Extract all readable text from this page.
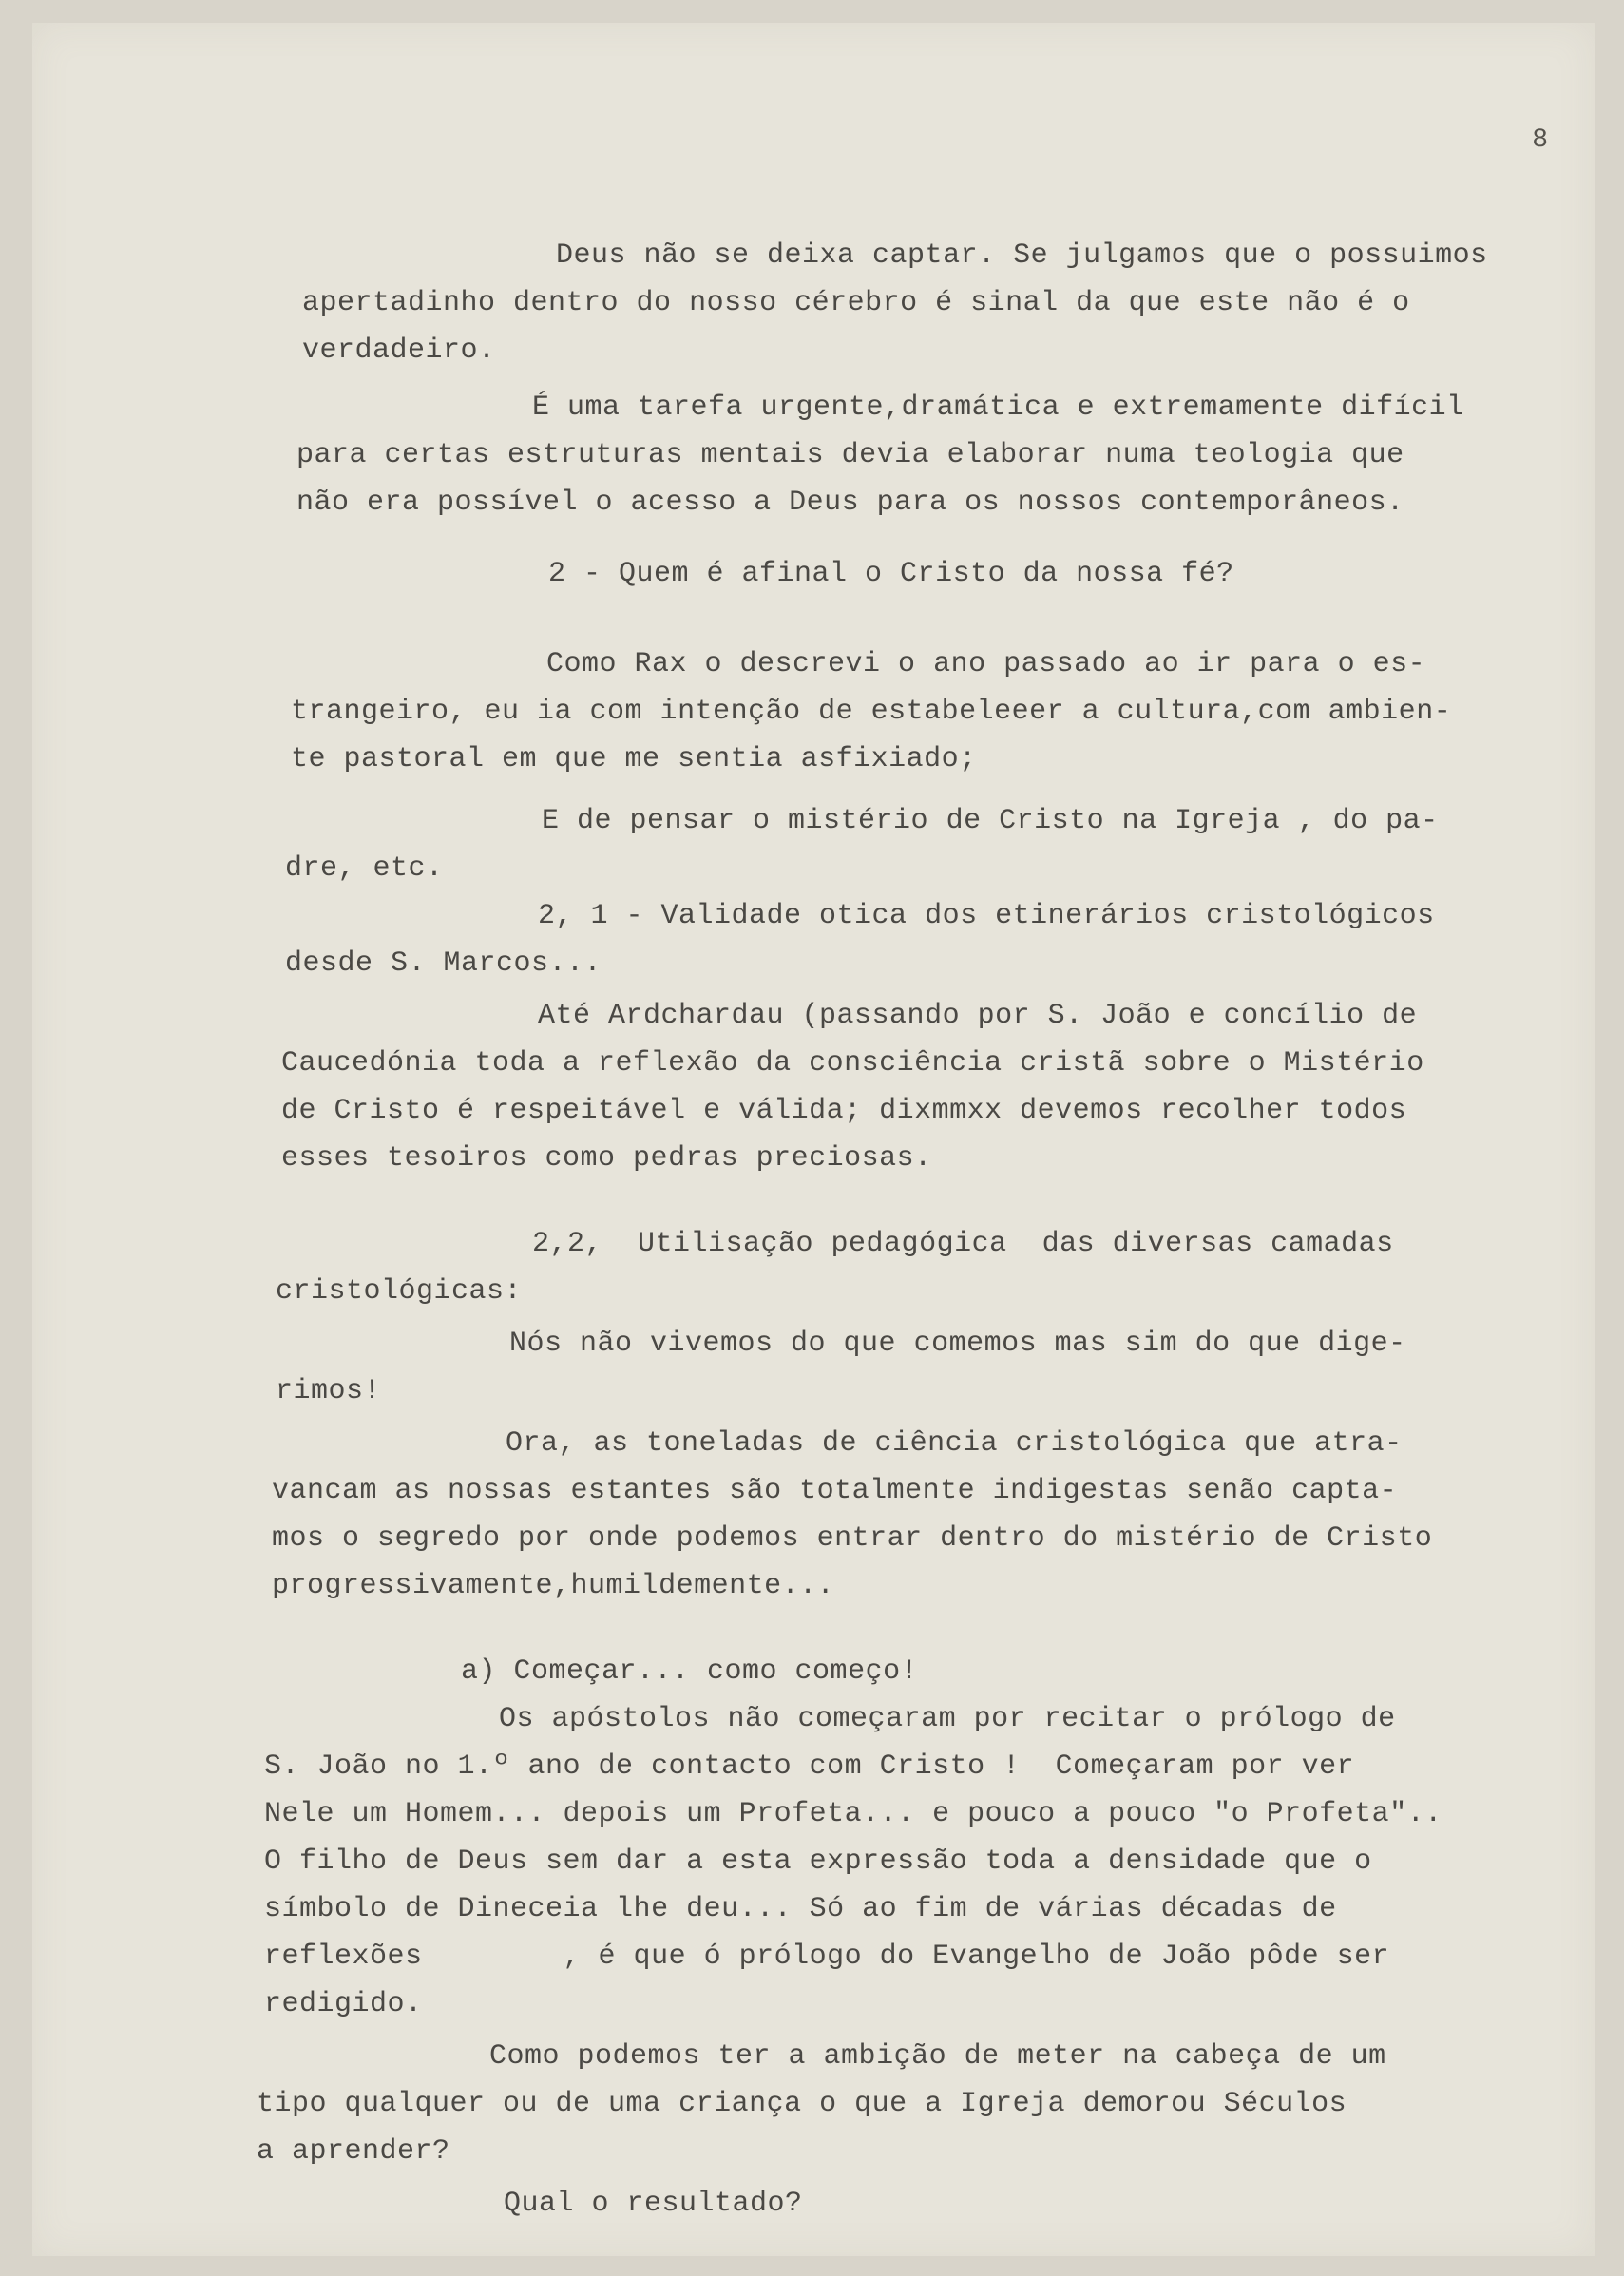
8
Deus não se deixa captar. Se julgamos que o possuimos
apertadinho dentro do nosso cérebro é sinal da que este não é o
verdadeiro.
É uma tarefa urgente,dramática e extremamente difícil
para certas estruturas mentais devia elaborar numa teologia que
não era possível o acesso a Deus para os nossos contemporâneos.
2 - Quem é afinal o Cristo da nossa fé?
Como Rax o descrevi o ano passado ao ir para o es-
trangeiro, eu ia com intenção de estabeleeer a cultura,com ambien-
te pastoral em que me sentia asfixiado;
E de pensar o mistério de Cristo na Igreja , do pa-
dre, etc.
2, 1 - Validade otica dos etinerários cristológicos
desde S. Marcos...
Até Ardchardau (passando por S. João e concílio de
Caucedónia toda a reflexão da consciência cristã sobre o Mistério
de Cristo é respeitável e válida; dixmmxx devemos recolher todos
esses tesoiros como pedras preciosas.
2,2,  Utilisação pedagógica  das diversas camadas
cristológicas:
Nós não vivemos do que comemos mas sim do que dige-
rimos!
Ora, as toneladas de ciência cristológica que atra-
vancam as nossas estantes são totalmente indigestas senão capta-
mos o segredo por onde podemos entrar dentro do mistério de Cristo
progressivamente,humildemente...
a) Começar... como começo!
Os apóstolos não começaram por recitar o prólogo de
S. João no 1.º ano de contacto com Cristo !  Começaram por ver
Nele um Homem... depois um Profeta... e pouco a pouco "o Profeta"..
O filho de Deus sem dar a esta expressão toda a densidade que o
símbolo de Dineceia lhe deu... Só ao fim de várias décadas de
reflexões        , é que ó prólogo do Evangelho de João pôde ser
redigido.
Como podemos ter a ambição de meter na cabeça de um
tipo qualquer ou de uma criança o que a Igreja demorou Séculos
a aprender?
Qual o resultado?
